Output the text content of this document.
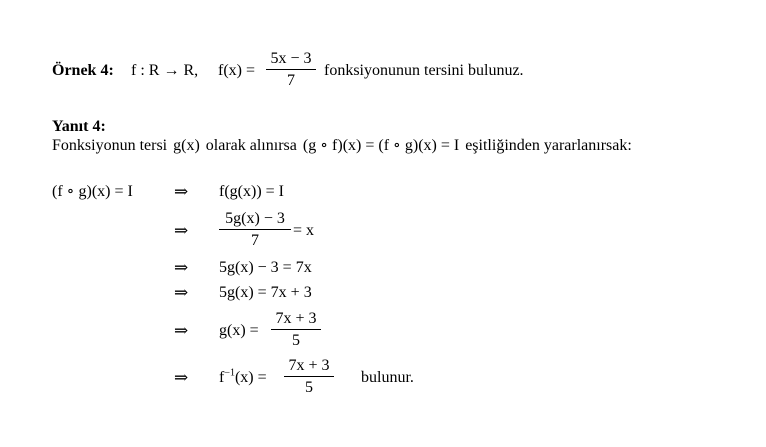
Örnek 4: f : R → R, f(x) =
5x − 3
7
fonksiyonunun tersini bulunuz.
Yanıt 4:
Fonksiyonun tersi g(x) olarak alınırsa (g ∘ f)(x) = (f ∘ g)(x) = I eşitliğinden yararlanırsak:
(f ∘ g)(x) = I ⇒ f(g(x)) = I
⇒
5g(x) − 3
7
= x
⇒ 5g(x) − 3 = 7x
⇒ 5g(x) = 7x + 3
⇒ g(x) =
7x + 3
5
⇒ $f^{-1}(x)$ =
7x + 3
5
bulunur.
